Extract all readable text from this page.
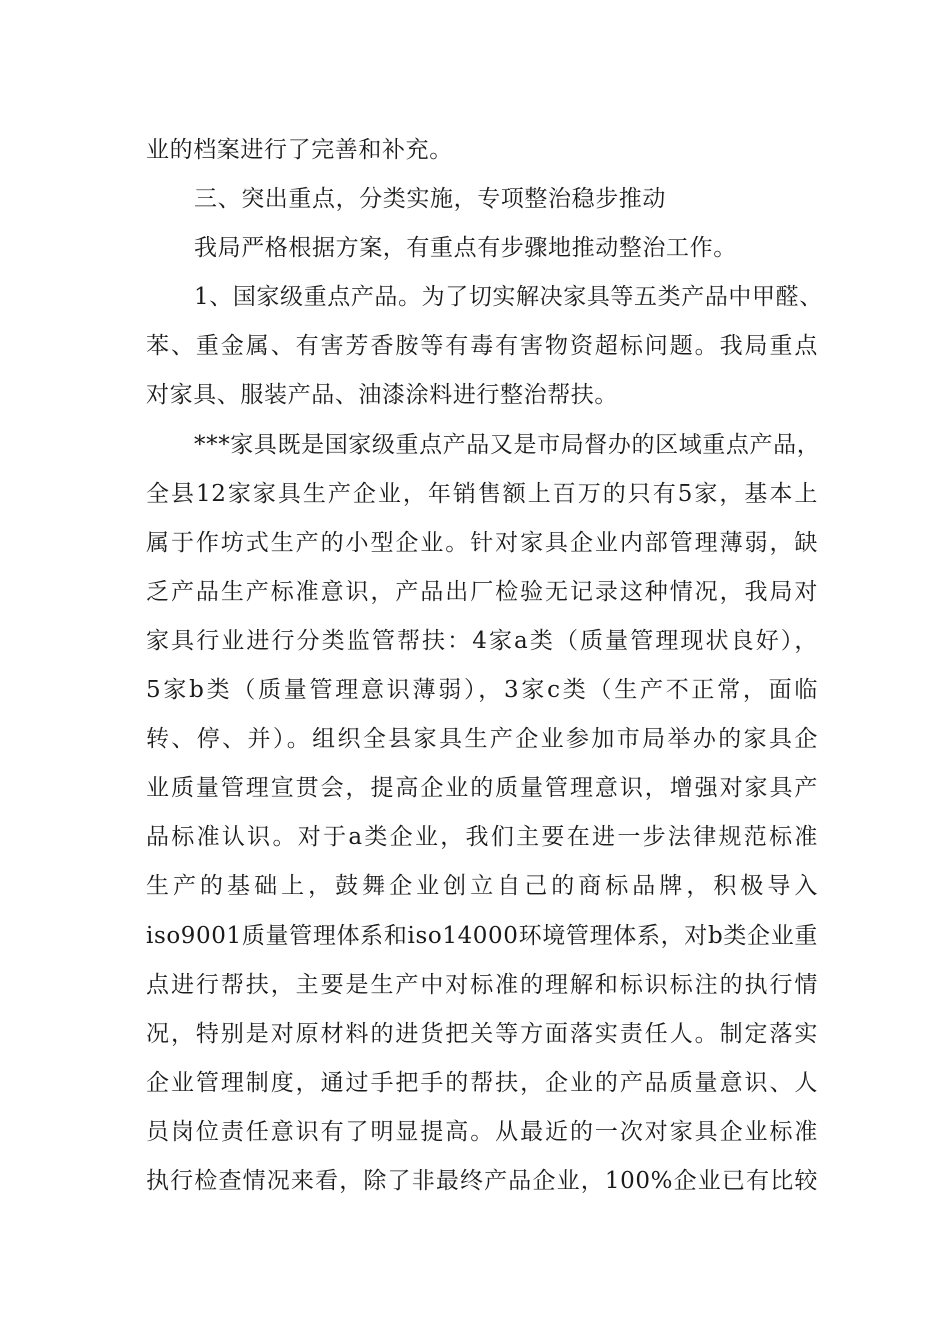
业的档案进行了完善和补充。
三、突出重点，分类实施，专项整治稳步推动
我局严格根据方案，有重点有步骤地推动整治工作。
1、国家级重点产品。为了切实解决家具等五类产品中甲醛、
苯、重金属、有害芳香胺等有毒有害物资超标问题。我局重点
对家具、服装产品、油漆涂料进行整治帮扶。
***家具既是国家级重点产品又是市局督办的区域重点产品，
全县12家家具生产企业，年销售额上百万的只有5家，基本上
属于作坊式生产的小型企业。针对家具企业内部管理薄弱，缺
乏产品生产标准意识，产品出厂检验无记录这种情况，我局对
家具行业进行分类监管帮扶：4家a类（质量管理现状良好），
5家b类（质量管理意识薄弱），3家c类（生产不正常，面临
转、停、并）。组织全县家具生产企业参加市局举办的家具企
业质量管理宣贯会，提高企业的质量管理意识，增强对家具产
品标准认识。对于a类企业，我们主要在进一步法律规范标准
生产的基础上，鼓舞企业创立自己的商标品牌，积极导入
iso9001质量管理体系和iso14000环境管理体系，对b类企业重
点进行帮扶，主要是生产中对标准的理解和标识标注的执行情
况，特别是对原材料的进货把关等方面落实责任人。制定落实
企业管理制度，通过手把手的帮扶，企业的产品质量意识、人
员岗位责任意识有了明显提高。从最近的一次对家具企业标准
执行检查情况来看，除了非最终产品企业，100%企业已有比较
